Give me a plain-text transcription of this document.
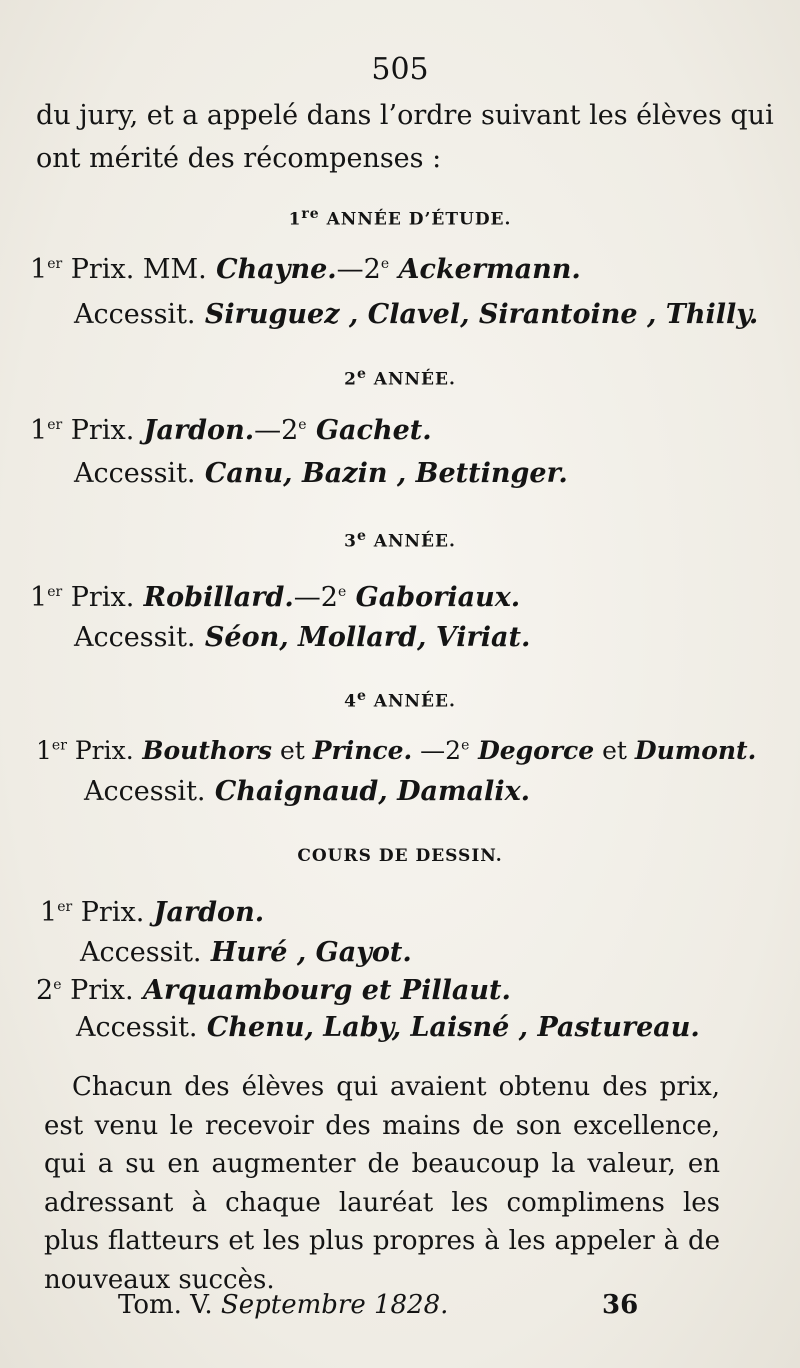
505
du jury, et a appelé dans l’ordre suivant les élèves qui
ont mérité des récompenses :
1re ANNÉE D’ÉTUDE.
1er Prix. MM. Chayne.—2e Ackermann.
Accessit. Siruguez , Clavel, Sirantoine , Thilly.
2e ANNÉE.
1er Prix. Jardon.—2e Gachet.
Accessit. Canu, Bazin , Bettinger.
3e ANNÉE.
1er Prix. Robillard.—2e Gaboriaux.
Accessit. Séon, Mollard, Viriat.
4e ANNÉE.
1er Prix. Bouthors et Prince. —2e Degorce et Dumont.
Accessit. Chaignaud, Damalix.
COURS DE DESSIN.
1er Prix. Jardon.
Accessit. Huré , Gayot.
2e Prix. Arquambourg et Pillaut.
Accessit. Chenu, Laby, Laisné , Pastureau.
Chacun des élèves qui avaient obtenu des prix, est venu le recevoir des mains de son excellence, qui a su en augmenter de beaucoup la valeur, en adressant à chaque lauréat les complimens les plus flatteurs et les plus propres à les appeler à de nouveaux succès.
Tom. V. Septembre 1828.	36
